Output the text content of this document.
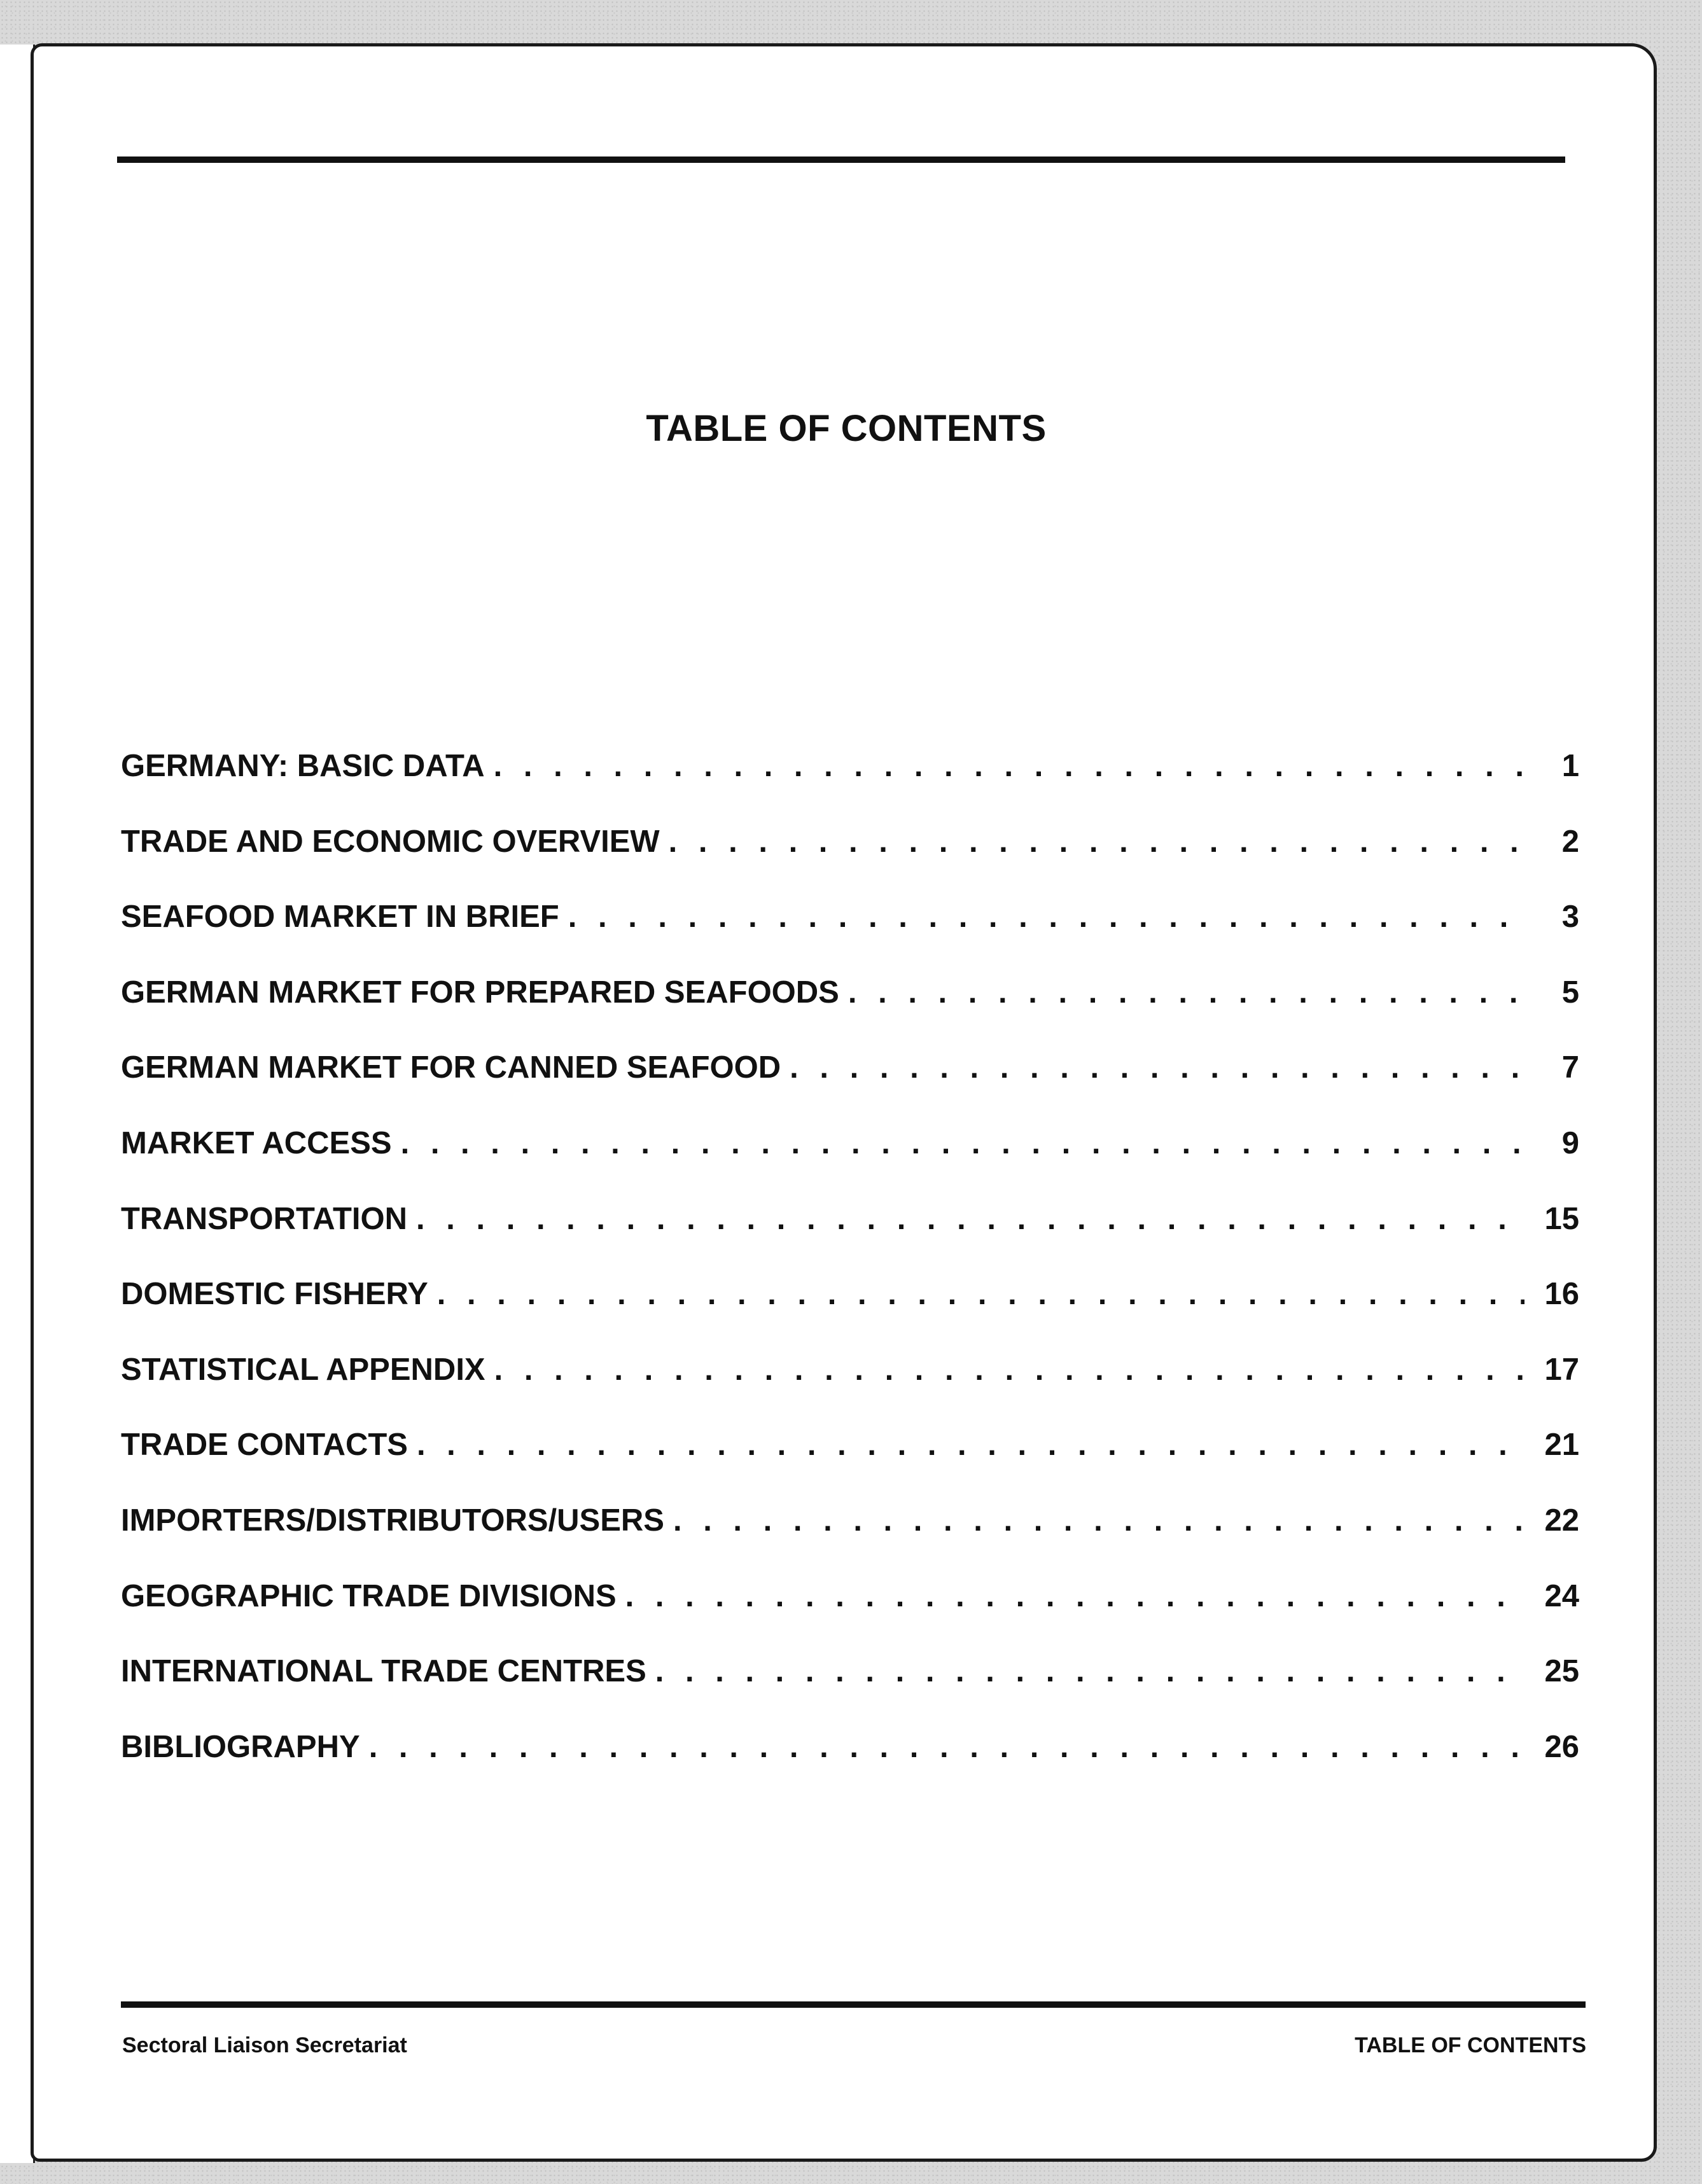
TABLE OF CONTENTS
GERMANY: BASIC DATA . . .	1
TRADE AND ECONOMIC OVERVIEW . . .	2
SEAFOOD MARKET IN BRIEF . . .	3
GERMAN MARKET FOR PREPARED SEAFOODS . . .	5
GERMAN MARKET FOR CANNED SEAFOOD . . .	7
MARKET ACCESS . . .	9
TRANSPORTATION . . .	15
DOMESTIC FISHERY . . .	16
STATISTICAL APPENDIX . . .	17
TRADE CONTACTS . . .	21
IMPORTERS/DISTRIBUTORS/USERS . . .	22
GEOGRAPHIC TRADE DIVISIONS . . .	24
INTERNATIONAL TRADE CENTRES . . .	25
BIBLIOGRAPHY . . .	26
Sectoral Liaison Secretariat	TABLE OF CONTENTS
